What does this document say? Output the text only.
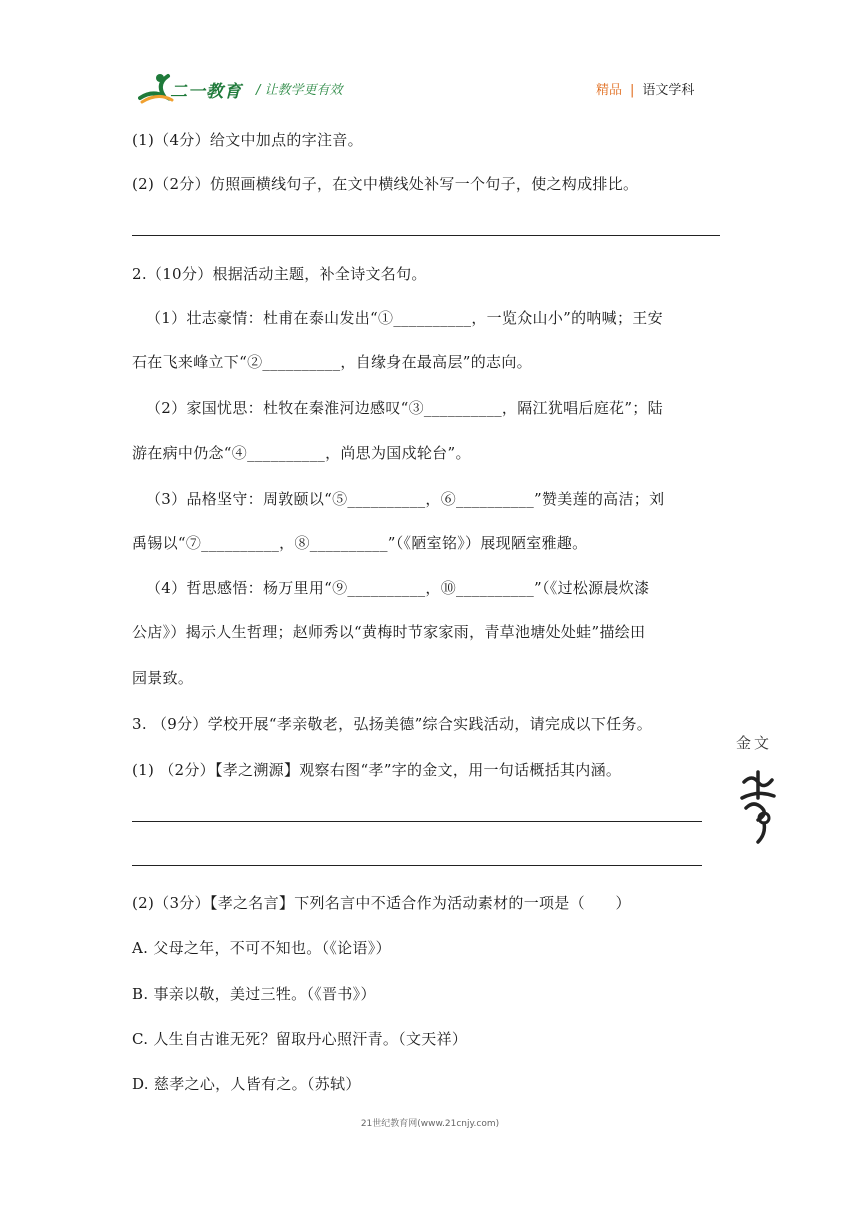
二一教育 / 让教学更有效	精品 | 语文学科
(1)（4分）给文中加点的字注音。
(2)（2分）仿照画横线句子，在文中横线处补写一个句子，使之构成排比。
2.（10分）根据活动主题，补全诗文名句。
（1）壮志豪情：杜甫在泰山发出“①__________，一览众山小”的呐喊；王安
石在飞来峰立下“②__________，自缘身在最高层”的志向。
（2）家国忧思：杜牧在秦淮河边感叹“③__________，隔江犹唱后庭花”；陆
游在病中仍念“④__________，尚思为国戍轮台”。
（3）品格坚守：周敦颐以“⑤__________，⑥__________”赞美莲的高洁；刘
禹锡以“⑦__________，⑧__________”（《陋室铭》）展现陋室雅趣。
（4）哲思感悟：杨万里用“⑨__________，⑩__________”（《过松源晨炊漆
公店》）揭示人生哲理；赵师秀以“黄梅时节家家雨，青草池塘处处蛙”描绘田
园景致。
3. （9分）学校开展“孝亲敬老，弘扬美德”综合实践活动，请完成以下任务。
(1) （2分）【孝之溯源】观察右图“孝”字的金文，用一句话概括其内涵。
(2)（3分）【孝之名言】下列名言中不适合作为活动素材的一项是（　　）
A. 父母之年，不可不知也。（《论语》）
B. 事亲以敬，美过三牲。（《晋书》）
C. 人生自古谁无死？留取丹心照汗青。（文天祥）
D. 慈孝之心，人皆有之。（苏轼）
金文
21世纪教育网(www.21cnjy.com)
